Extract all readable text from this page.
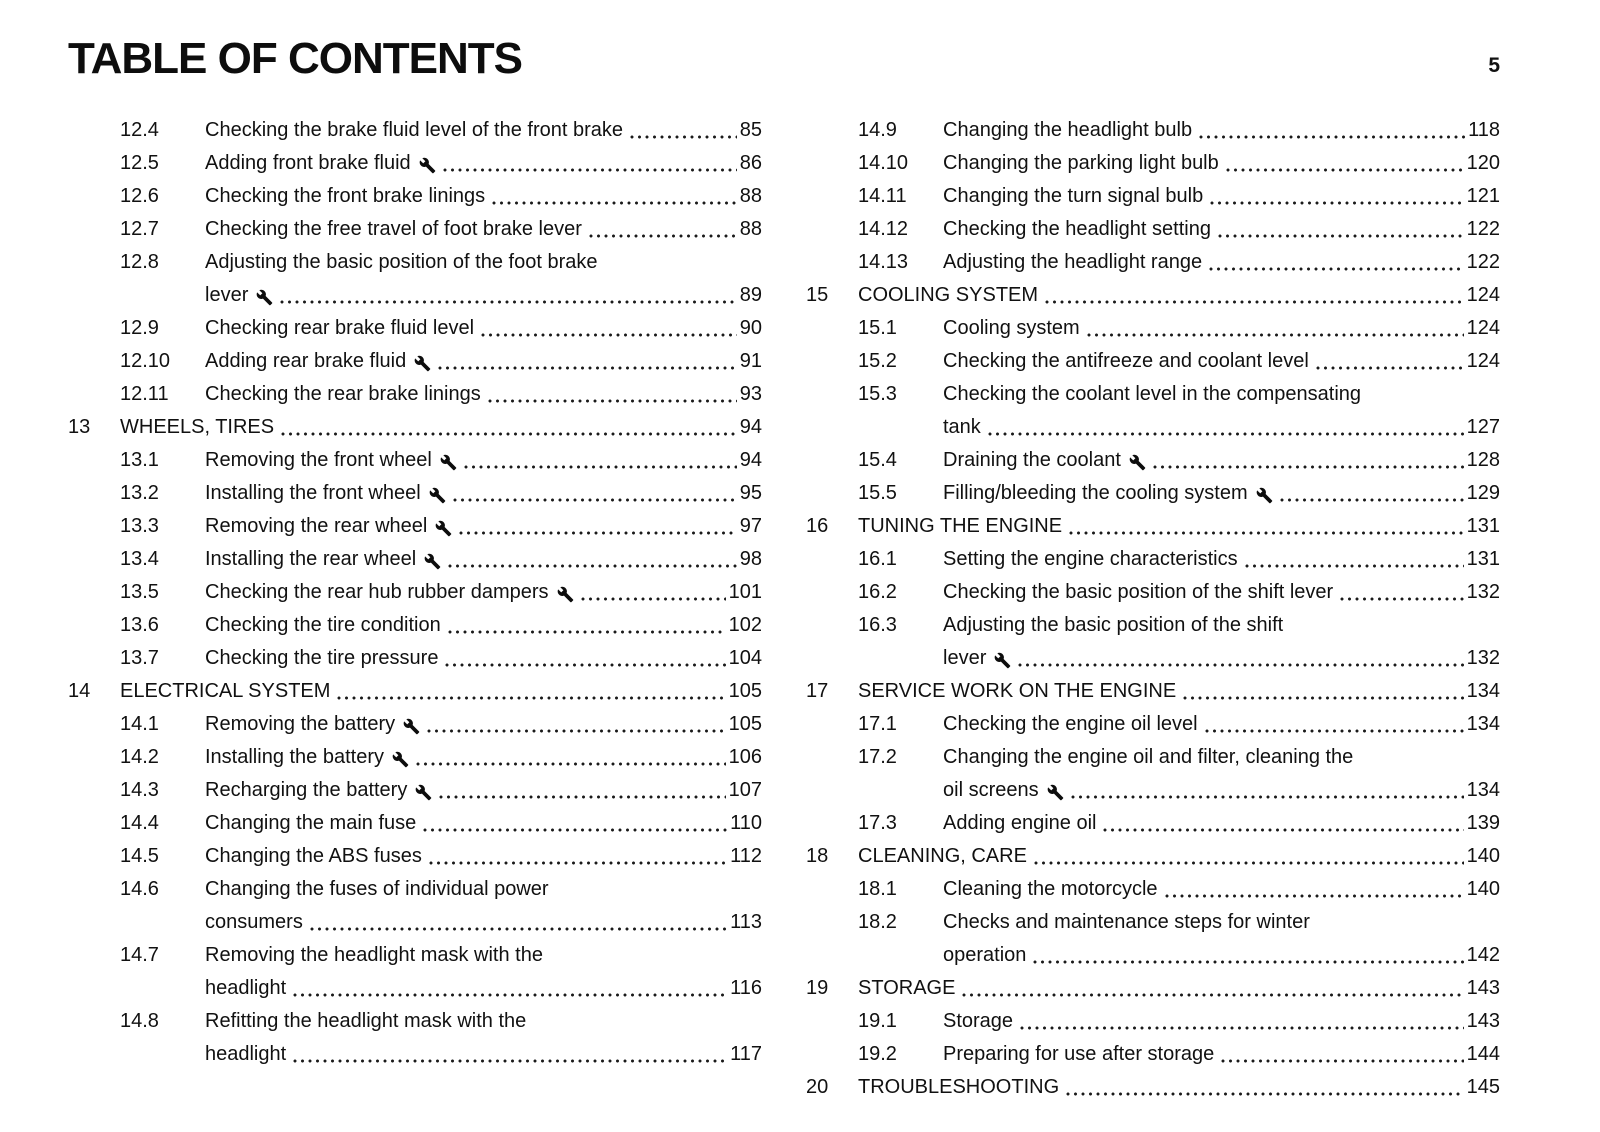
TABLE OF CONTENTS	5
12.4	Checking the brake fluid level of the front brake	85
12.5	Adding front brake fluid	86
12.6	Checking the front brake linings	88
12.7	Checking the free travel of foot brake lever	88
12.8	Adjusting the basic position of the foot brake
lever	89
12.9	Checking rear brake fluid level	90
12.10	Adding rear brake fluid	91
12.11	Checking the rear brake linings	93
13	WHEELS, TIRES	94
13.1	Removing the front wheel	94
13.2	Installing the front wheel	95
13.3	Removing the rear wheel	97
13.4	Installing the rear wheel	98
13.5	Checking the rear hub rubber dampers	101
13.6	Checking the tire condition	102
13.7	Checking the tire pressure	104
14	ELECTRICAL SYSTEM	105
14.1	Removing the battery	105
14.2	Installing the battery	106
14.3	Recharging the battery	107
14.4	Changing the main fuse	110
14.5	Changing the ABS fuses	112
14.6	Changing the fuses of individual power
consumers	113
14.7	Removing the headlight mask with the
headlight	116
14.8	Refitting the headlight mask with the
headlight	117
14.9	Changing the headlight bulb	118
14.10	Changing the parking light bulb	120
14.11	Changing the turn signal bulb	121
14.12	Checking the headlight setting	122
14.13	Adjusting the headlight range	122
15	COOLING SYSTEM	124
15.1	Cooling system	124
15.2	Checking the antifreeze and coolant level	124
15.3	Checking the coolant level in the compensating
tank	127
15.4	Draining the coolant	128
15.5	Filling/bleeding the cooling system	129
16	TUNING THE ENGINE	131
16.1	Setting the engine characteristics	131
16.2	Checking the basic position of the shift lever	132
16.3	Adjusting the basic position of the shift
lever	132
17	SERVICE WORK ON THE ENGINE	134
17.1	Checking the engine oil level	134
17.2	Changing the engine oil and filter, cleaning the
oil screens	134
17.3	Adding engine oil	139
18	CLEANING, CARE	140
18.1	Cleaning the motorcycle	140
18.2	Checks and maintenance steps for winter
operation	142
19	STORAGE	143
19.1	Storage	143
19.2	Preparing for use after storage	144
20	TROUBLESHOOTING	145
